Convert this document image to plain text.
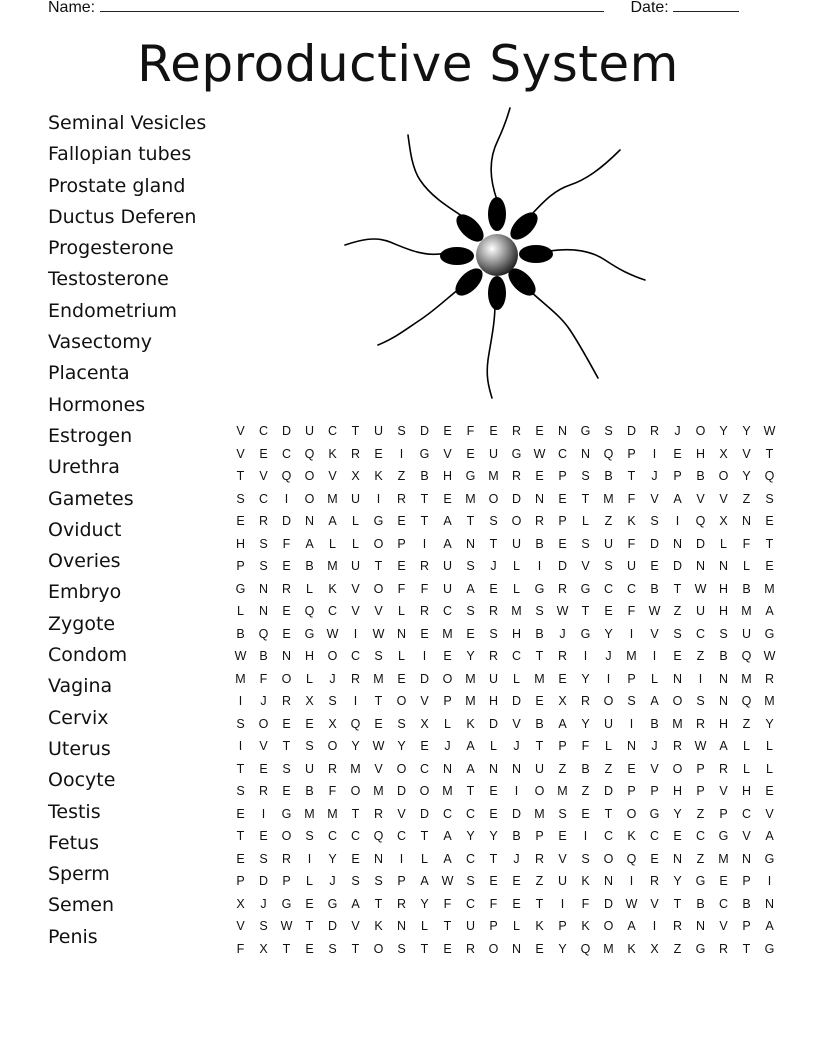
Name:	Date:
Reproductive System
Seminal Vesicles
Fallopian tubes
Prostate gland
Ductus Deferen
Progesterone
Testosterone
Endometrium
Vasectomy
Placenta
Hormones
Estrogen
Urethra
Gametes
Oviduct
Overies
Embryo
Zygote
Condom
Vagina
Cervix
Uterus
Oocyte
Testis
Fetus
Sperm
Semen
Penis
V	C	D	U	C	T	U	S	D	E	F	E	R	E	N	G	S	D	R	J	O	Y	Y	W
V	E	C	Q	K	R	E	I	G	V	E	U	G	W	C	N	Q	P	I	E	H	X	V	T
T	V	Q	O	V	X	K	Z	B	H	G	M	R	E	P	S	B	T	J	P	B	O	Y	Q
S	C	I	O	M	U	I	R	T	E	M	O	D	N	E	T	M	F	V	A	V	V	Z	S
E	R	D	N	A	L	G	E	T	A	T	S	O	R	P	L	Z	K	S	I	Q	X	N	E
H	S	F	A	L	L	O	P	I	A	N	T	U	B	E	S	U	F	D	N	D	L	F	T
P	S	E	B	M	U	T	E	R	U	S	J	L	I	D	V	S	U	E	D	N	N	L	E
G	N	R	L	K	V	O	F	F	U	A	E	L	G	R	G	C	C	B	T	W	H	B	M
L	N	E	Q	C	V	V	L	R	C	S	R	M	S	W	T	E	F	W	Z	U	H	M	A
B	Q	E	G	W	I	W	N	E	M	E	S	H	B	J	G	Y	I	V	S	C	S	U	G
W	B	N	H	O	C	S	L	I	E	Y	R	C	T	R	I	J	M	I	E	Z	B	Q	W
M	F	O	L	J	R	M	E	D	O	M	U	L	M	E	Y	I	P	L	N	I	N	M	R
I	J	R	X	S	I	T	O	V	P	M	H	D	E	X	R	O	S	A	O	S	N	Q	M
S	O	E	E	X	Q	E	S	X	L	K	D	V	B	A	Y	U	I	B	M	R	H	Z	Y
I	V	T	S	O	Y	W	Y	E	J	A	L	J	T	P	F	L	N	J	R	W	A	L	L
T	E	S	U	R	M	V	O	C	N	A	N	N	U	Z	B	Z	E	V	O	P	R	L	L
S	R	E	B	F	O	M	D	O	M	T	E	I	O	M	Z	D	P	P	H	P	V	H	E
E	I	G	M	M	T	R	V	D	C	C	E	D	M	S	E	T	O	G	Y	Z	P	C	V
T	E	O	S	C	C	Q	C	T	A	Y	Y	B	P	E	I	C	K	C	E	C	G	V	A
E	S	R	I	Y	E	N	I	L	A	C	T	J	R	V	S	O	Q	E	N	Z	M	N	G
P	D	P	L	J	S	S	P	A	W	S	E	E	Z	U	K	N	I	R	Y	G	E	P	I
X	J	G	E	G	A	T	R	Y	F	C	F	E	T	I	F	D	W	V	T	B	C	B	N
V	S	W	T	D	V	K	N	L	T	U	P	L	K	P	K	O	A	I	R	N	V	P	A
F	X	T	E	S	T	O	S	T	E	R	O	N	E	Y	Q	M	K	X	Z	G	R	T	G
